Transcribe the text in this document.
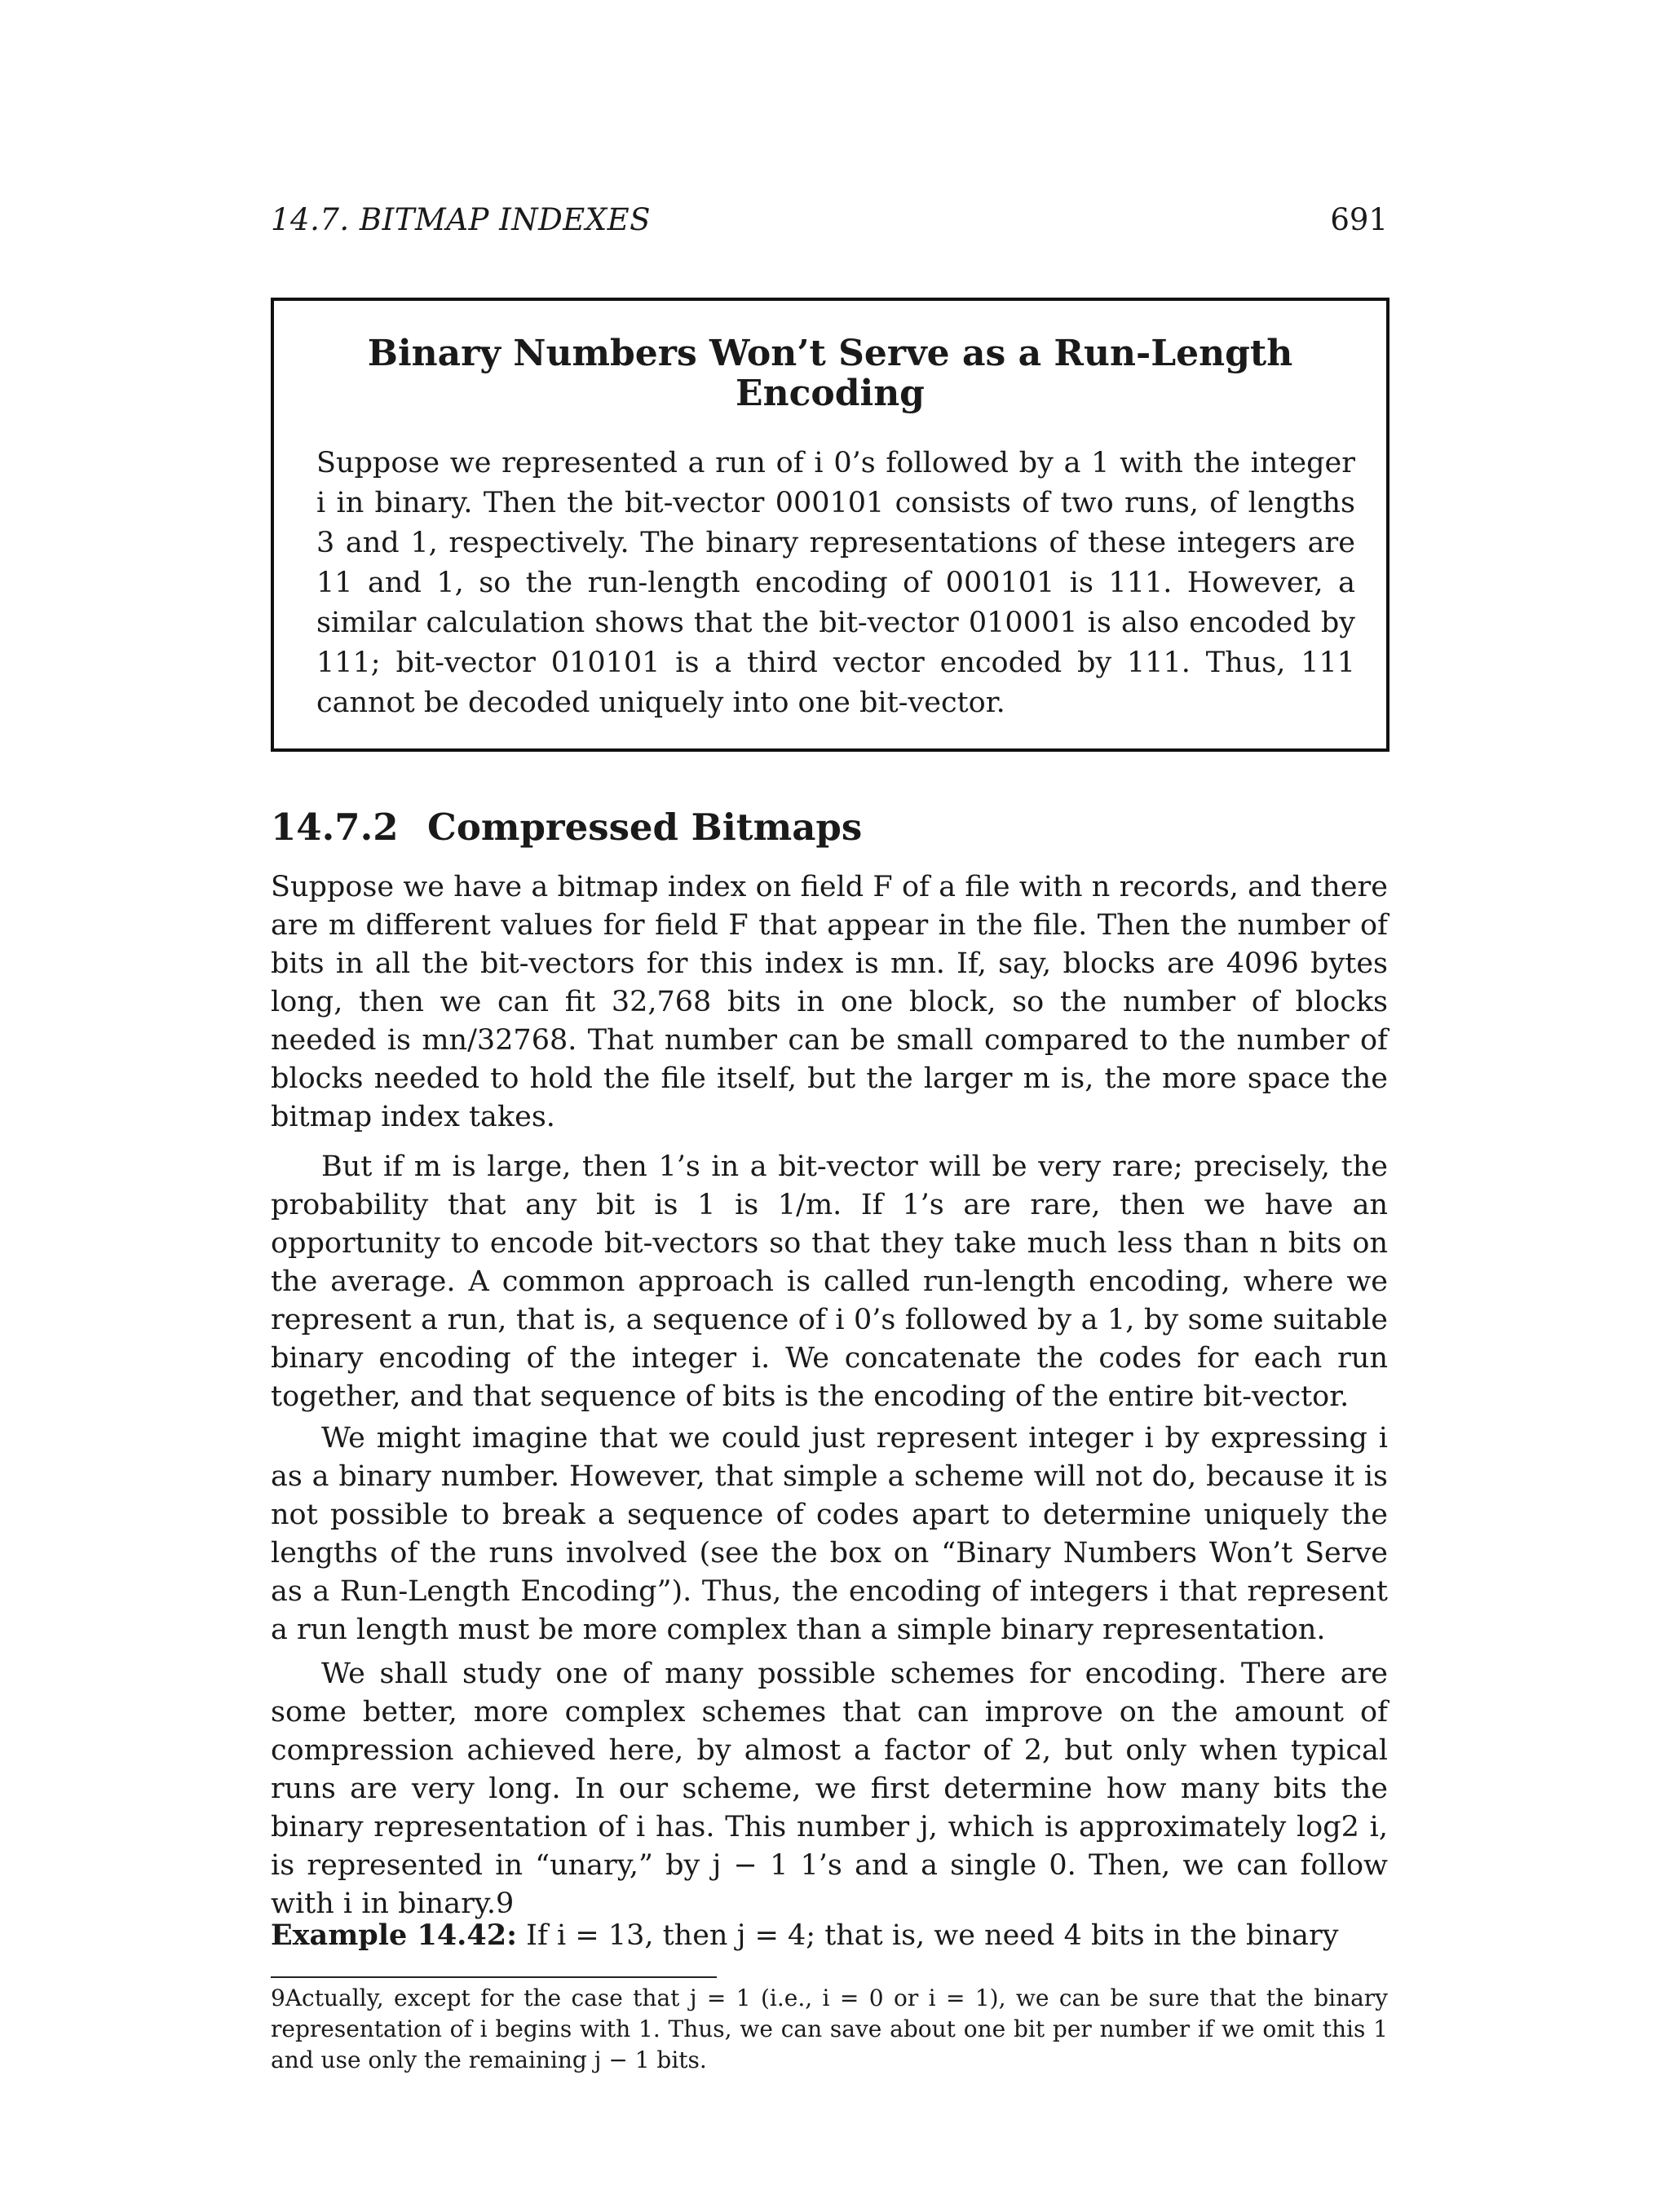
14.7. BITMAP INDEXES	691
Binary Numbers Won’t Serve as a Run-Length
Encoding
Suppose we represented a run of i 0’s followed by a 1 with the integer i in binary. Then the bit-vector 000101 consists of two runs, of lengths 3 and 1, respectively. The binary representations of these integers are 11 and 1, so the run-length encoding of 000101 is 111. However, a similar calculation shows that the bit-vector 010001 is also encoded by 111; bit-vector 010101 is a third vector encoded by 111. Thus, 111 cannot be decoded uniquely into one bit-vector.
14.7.2 Compressed Bitmaps

Suppose we have a bitmap index on field F of a file with n records, and there are m different values for field F that appear in the file. Then the number of bits in all the bit-vectors for this index is mn. If, say, blocks are 4096 bytes long, then we can fit 32,768 bits in one block, so the number of blocks needed is mn/32768. That number can be small compared to the number of blocks needed to hold the file itself, but the larger m is, the more space the bitmap index takes.

But if m is large, then 1’s in a bit-vector will be very rare; precisely, the probability that any bit is 1 is 1/m. If 1’s are rare, then we have an opportunity to encode bit-vectors so that they take much less than n bits on the average. A common approach is called run-length encoding, where we represent a run, that is, a sequence of i 0’s followed by a 1, by some suitable binary encoding of the integer i. We concatenate the codes for each run together, and that sequence of bits is the encoding of the entire bit-vector.

We might imagine that we could just represent integer i by expressing i as a binary number. However, that simple a scheme will not do, because it is not possible to break a sequence of codes apart to determine uniquely the lengths of the runs involved (see the box on “Binary Numbers Won’t Serve as a Run-Length Encoding”). Thus, the encoding of integers i that represent a run length must be more complex than a simple binary representation.

We shall study one of many possible schemes for encoding. There are some better, more complex schemes that can improve on the amount of compression achieved here, by almost a factor of 2, but only when typical runs are very long. In our scheme, we first determine how many bits the binary representation of i has. This number j, which is approximately log2 i, is represented in “unary,” by j − 1 1’s and a single 0. Then, we can follow with i in binary.9

Example 14.42: If i = 13, then j = 4; that is, we need 4 bits in the binary

9Actually, except for the case that j = 1 (i.e., i = 0 or i = 1), we can be sure that the binary representation of i begins with 1. Thus, we can save about one bit per number if we omit this 1 and use only the remaining j − 1 bits.
